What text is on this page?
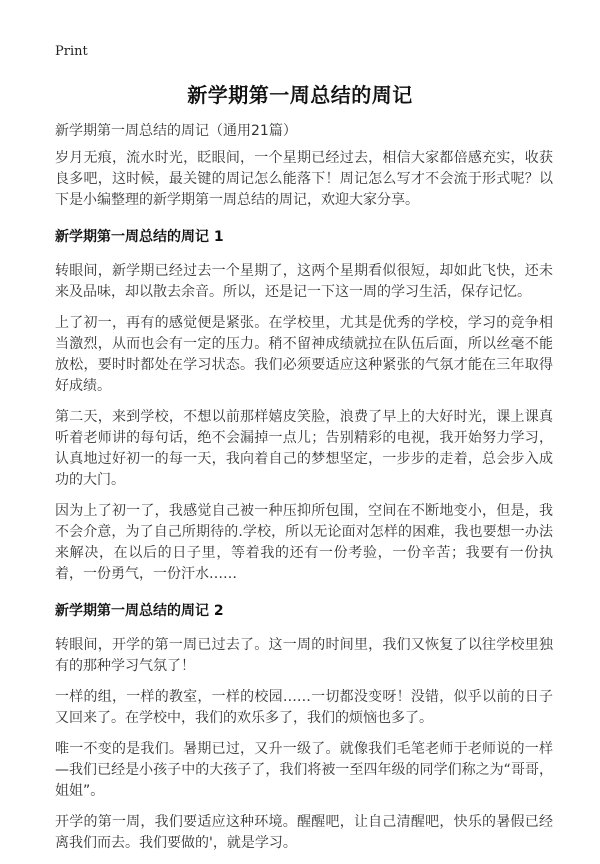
Print
新学期第一周总结的周记
新学期第一周总结的周记（通用21篇）

岁月无痕，流水时光，眨眼间，一个星期已经过去，相信大家都倍感充实，收获良多吧，这时候，最关键的周记怎么能落下！周记怎么写才不会流于形式呢？以下是小编整理的新学期第一周总结的周记，欢迎大家分享。

新学期第一周总结的周记 1

转眼间，新学期已经过去一个星期了，这两个星期看似很短，却如此飞快，还未来及品味，却以散去余音。所以，还是记一下这一周的学习生活，保存记忆。

上了初一，再有的感觉便是紧张。在学校里，尤其是优秀的学校，学习的竞争相当激烈，从而也会有一定的压力。稍不留神成绩就拉在队伍后面，所以丝毫不能放松，要时时都处在学习状态。我们必须要适应这种紧张的气氛才能在三年取得好成绩。

第二天，来到学校，不想以前那样嬉皮笑脸，浪费了早上的大好时光，课上课真听着老师讲的每句话，绝不会漏掉一点儿；告别精彩的电视，我开始努力学习，认真地过好初一的每一天，我向着自己的梦想坚定，一步步的走着，总会步入成功的大门。

因为上了初一了，我感觉自己被一种压抑所包围，空间在不断地变小，但是，我不会介意，为了自己所期待的.学校，所以无论面对怎样的困难，我也要想一办法来解决，在以后的日子里，等着我的还有一份考验，一份辛苦；我要有一份执着，一份勇气，一份汗水……

新学期第一周总结的周记 2

转眼间，开学的第一周已过去了。这一周的时间里，我们又恢复了以往学校里独有的那种学习气氛了！

一样的组，一样的教室，一样的校园……一切都没变呀！没错，似乎以前的日子又回来了。在学校中，我们的欢乐多了，我们的烦恼也多了。

唯一不变的是我们。暑期已过，又升一级了。就像我们毛笔老师于老师说的一样—我们已经是小孩子中的大孩子了，我们将被一至四年级的同学们称之为“哥哥，姐姐”。

开学的第一周，我们要适应这种环境。醒醒吧，让自己清醒吧，快乐的暑假已经离我们而去。我们要做的'，就是学习。
